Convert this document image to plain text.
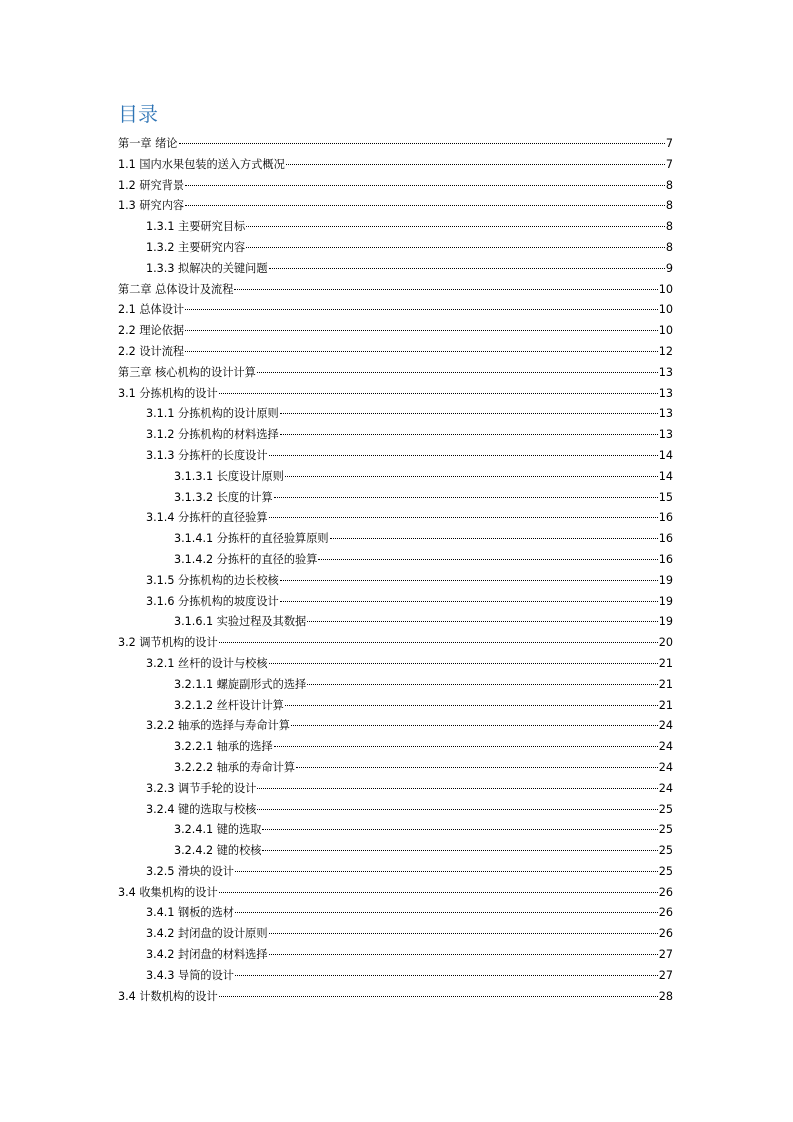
目录
第一章 绪论	7
1.1 国内水果包装的送入方式概况	7
1.2 研究背景	8
1.3 研究内容	8
1.3.1 主要研究目标	8
1.3.2 主要研究内容	8
1.3.3 拟解决的关键问题	9
第二章 总体设计及流程	10
2.1 总体设计	10
2.2 理论依据	10
2.2 设计流程	12
第三章 核心机构的设计计算	13
3.1 分拣机构的设计	13
3.1.1 分拣机构的设计原则	13
3.1.2 分拣机构的材料选择	13
3.1.3 分拣杆的长度设计	14
3.1.3.1 长度设计原则	14
3.1.3.2 长度的计算	15
3.1.4 分拣杆的直径验算	16
3.1.4.1 分拣杆的直径验算原则	16
3.1.4.2 分拣杆的直径的验算	16
3.1.5 分拣机构的边长校核	19
3.1.6 分拣机构的坡度设计	19
3.1.6.1 实验过程及其数据	19
3.2 调节机构的设计	20
3.2.1 丝杆的设计与校核	21
3.2.1.1 螺旋副形式的选择	21
3.2.1.2 丝杆设计计算	21
3.2.2 轴承的选择与寿命计算	24
3.2.2.1 轴承的选择	24
3.2.2.2 轴承的寿命计算	24
3.2.3 调节手轮的设计	24
3.2.4 键的选取与校核	25
3.2.4.1 键的选取	25
3.2.4.2 键的校核	25
3.2.5 滑块的设计	25
3.4 收集机构的设计	26
3.4.1 钢板的选材	26
3.4.2 封闭盘的设计原则	26
3.4.2 封闭盘的材料选择	27
3.4.3 导筒的设计	27
3.4 计数机构的设计	28
